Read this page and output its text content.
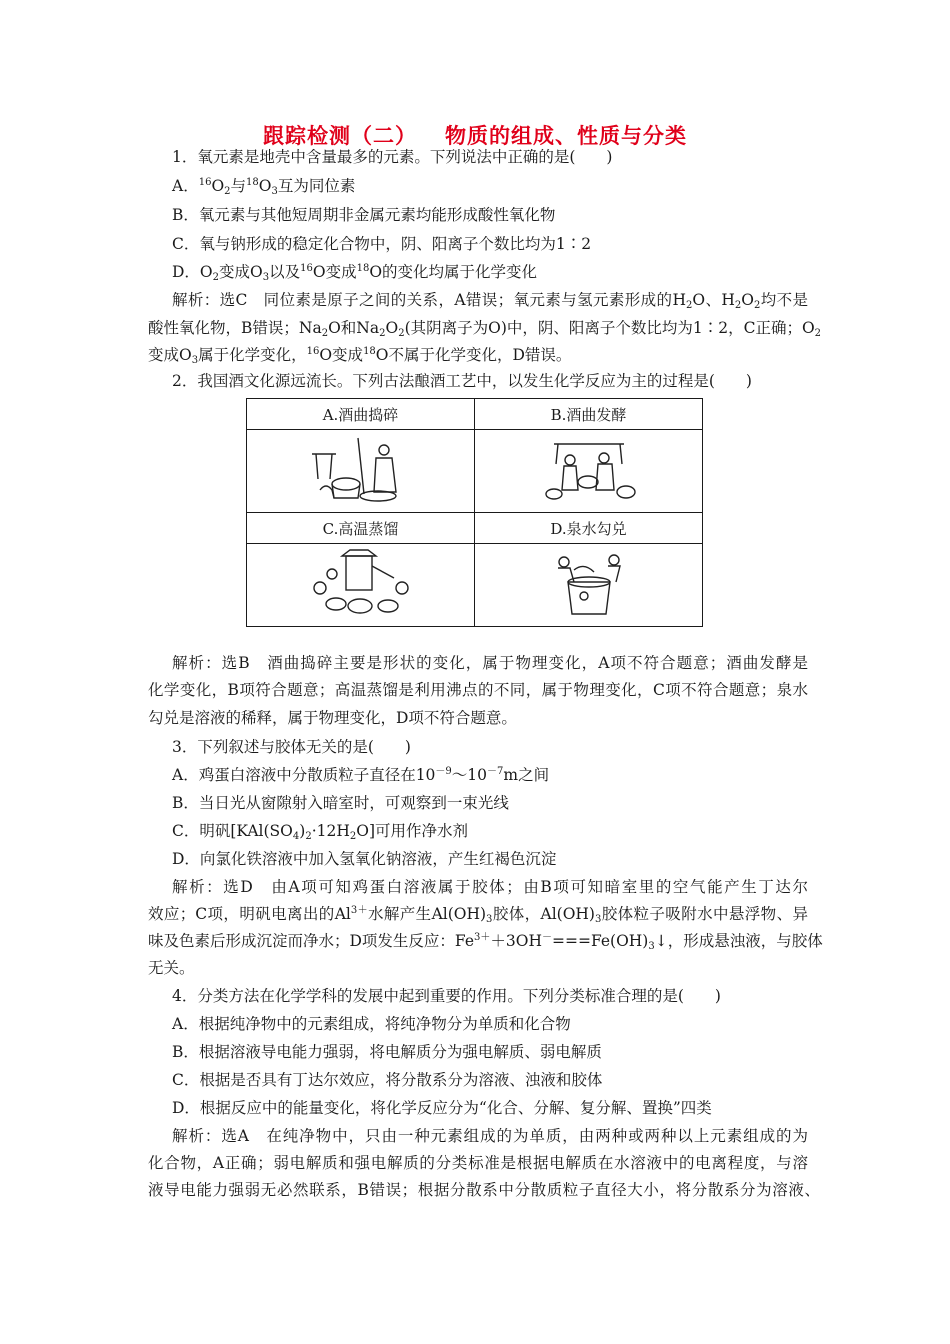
跟踪检测（二） 物质的组成、性质与分类
1．氧元素是地壳中含量最多的元素。下列说法中正确的是(　　)
A．$^{16}O_2$与$^{18}O_3$互为同位素
B．氧元素与其他短周期非金属元素均能形成酸性氧化物
C．氧与钠形成的稳定化合物中，阴、阳离子个数比均为1∶2
D．$O_2$变成$O_3$以及$^{16}$O变成$^{18}$O的变化均属于化学变化
解析：选C　同位素是原子之间的关系，A错误；氧元素与氢元素形成的$H_2O$、$H_2O_2$均不是
酸性氧化物，B错误；$Na_2O$和$Na_2O_2$(其阴离子为O)中，阴、阳离子个数比均为1∶2，C正确；$O_2$
变成$O_3$属于化学变化，$^{16}$O变成$^{18}$O不属于化学变化，D错误。
2．我国酒文化源远流长。下列古法酿酒工艺中，以发生化学反应为主的过程是(　　)
A.酒曲捣碎	B.酒曲发酵

C.高温蒸馏	D.泉水勾兑

解析：选B　酒曲捣碎主要是形状的变化，属于物理变化，A项不符合题意；酒曲发酵是
化学变化，B项符合题意；高温蒸馏是利用沸点的不同，属于物理变化，C项不符合题意；泉水
勾兑是溶液的稀释，属于物理变化，D项不符合题意。
3．下列叙述与胶体无关的是(　　)
A．鸡蛋白溶液中分散质粒子直径在$10^{-9}\sim 10^{-7}m$之间
B．当日光从窗隙射入暗室时，可观察到一束光线
C．明矾$[KAl(SO_4)_2\cdot 12H_2O]$可用作净水剂
D．向氯化铁溶液中加入氢氧化钠溶液，产生红褐色沉淀
解析：选D　由A项可知鸡蛋白溶液属于胶体；由B项可知暗室里的空气能产生丁达尔
效应；C项，明矾电离出的$Al^{3+}$水解产生$Al(OH)_3$胶体，$Al(OH)_3$胶体粒子吸附水中悬浮物、异
味及色素后形成沉淀而净水；D项发生反应：$Fe^{3+}+3OH^-===Fe(OH)_3↓$，形成悬浊液，与胶体
无关。
4．分类方法在化学学科的发展中起到重要的作用。下列分类标准合理的是(　　)
A．根据纯净物中的元素组成，将纯净物分为单质和化合物
B．根据溶液导电能力强弱，将电解质分为强电解质、弱电解质
C．根据是否具有丁达尔效应，将分散系分为溶液、浊液和胶体
D．根据反应中的能量变化，将化学反应分为“化合、分解、复分解、置换”四类
解析：选A　在纯净物中，只由一种元素组成的为单质，由两种或两种以上元素组成的为
化合物，A正确；弱电解质和强电解质的分类标准是根据电解质在水溶液中的电离程度，与溶
液导电能力强弱无必然联系，B错误；根据分散系中分散质粒子直径大小，将分散系分为溶液、
